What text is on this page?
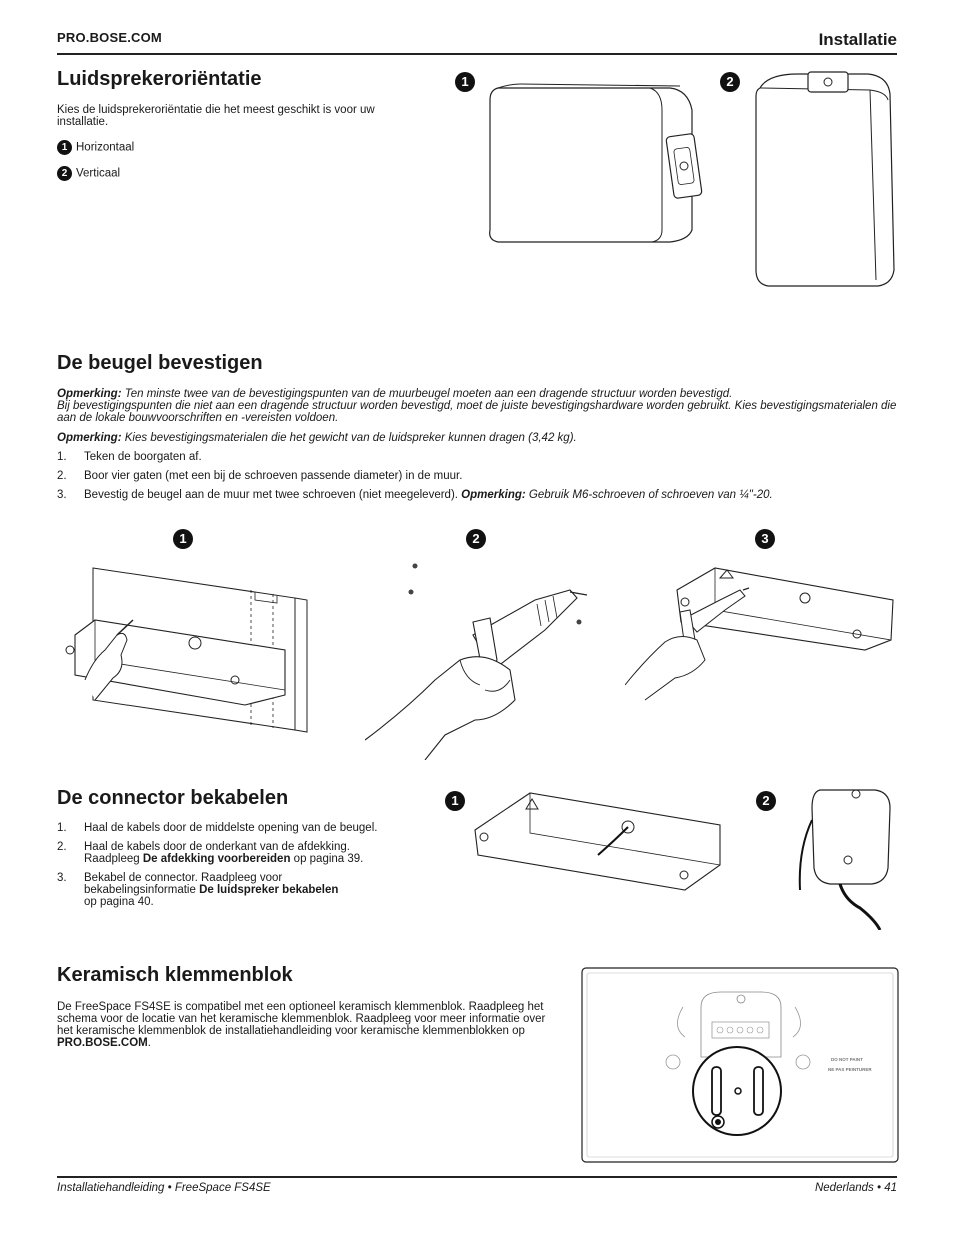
PRO.BOSE.COM	Installatie
Luidsprekeroriëntatie
Kies de luidsprekeroriëntatie die het meest geschikt is voor uw installatie.
1 Horizontaal
2 Verticaal
1	2
De beugel bevestigen
Opmerking: Ten minste twee van de bevestigingspunten van de muurbeugel moeten aan een dragende structuur worden bevestigd.
Bij bevestigingspunten die niet aan een dragende structuur worden bevestigd, moet de juiste bevestigingshardware worden gebruikt. Kies bevestigingsmaterialen die aan de lokale bouwvoorschriften en -vereisten voldoen.
Opmerking: Kies bevestigingsmaterialen die het gewicht van de luidspreker kunnen dragen (3,42 kg).
1. Teken de boorgaten af.
2. Boor vier gaten (met een bij de schroeven passende diameter) in de muur.
3. Bevestig de beugel aan de muur met twee schroeven (niet meegeleverd). Opmerking: Gebruik M6-schroeven of schroeven van ¼"-20.
1	2	3
De connector bekabelen
1. Haal de kabels door de middelste opening van de beugel.
2. Haal de kabels door de onderkant van de afdekking.
Raadpleeg De afdekking voorbereiden op pagina 39.
3. Bekabel de connector. Raadpleeg voor bekabelingsinformatie De luidspreker bekabelen
op pagina 40.
1	2
Keramisch klemmenblok
De FreeSpace FS4SE is compatibel met een optioneel keramisch klemmenblok. Raadpleeg het schema voor de locatie van het keramische klemmenblok. Raadpleeg voor meer informatie over het keramische klemmenblok de installatiehandleiding voor keramische klemmenblokken op PRO.BOSE.COM.
DO NOT PAINT
NE PAS PEINTURER
Installatiehandleiding • FreeSpace FS4SE	Nederlands • 41
